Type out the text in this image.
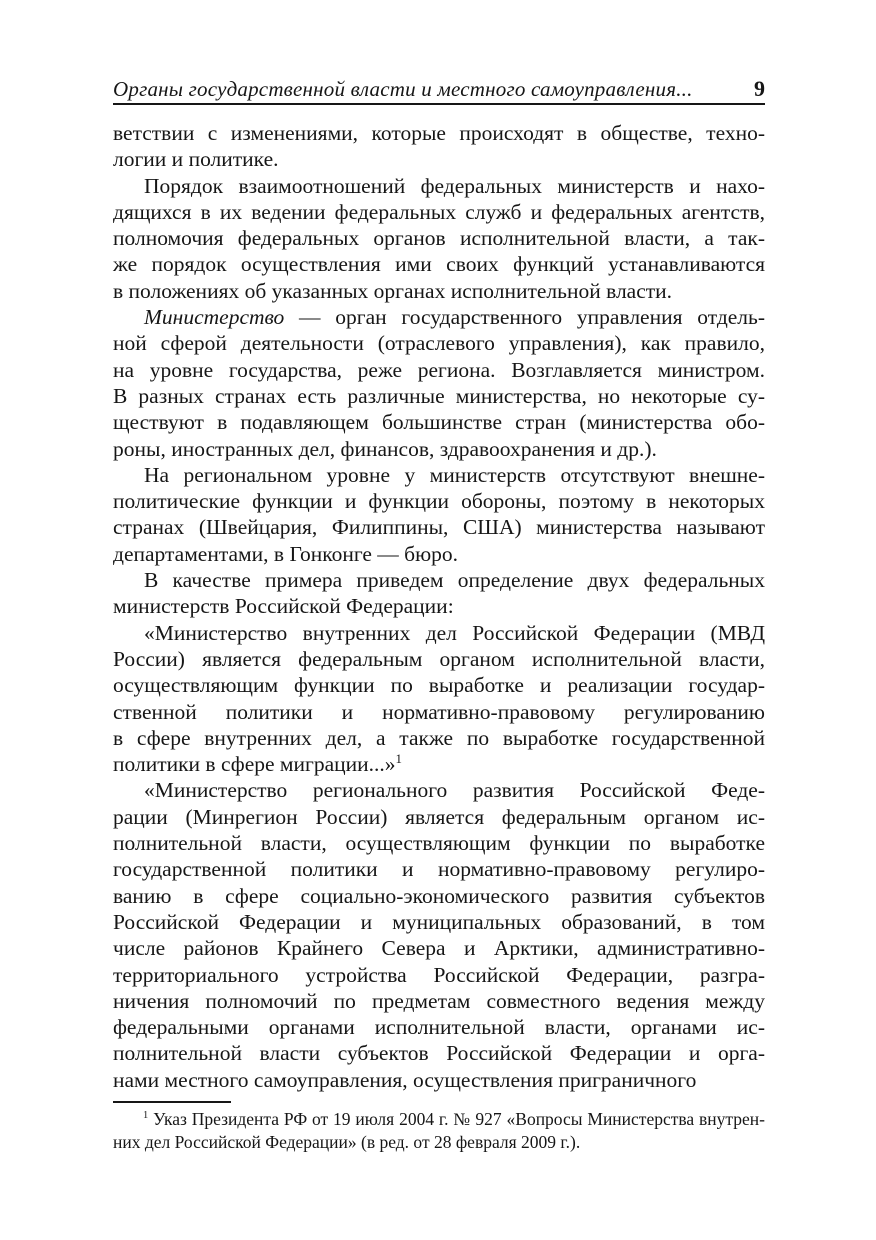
Органы государственной власти и местного самоуправления...	9
ветствии с изменениями, которые происходят в обществе, техно-
логии и политике.
Порядок взаимоотношений федеральных министерств и нахо-
дящихся в их ведении федеральных служб и федеральных агентств,
полномочия федеральных органов исполнительной власти, а так-
же порядок осуществления ими своих функций устанавливаются
в положениях об указанных органах исполнительной власти.
Министерство — орган государственного управления отдель-
ной сферой деятельности (отраслевого управления), как правило,
на уровне государства, реже региона. Возглавляется министром.
В разных странах есть различные министерства, но некоторые су-
ществуют в подавляющем большинстве стран (министерства обо-
роны, иностранных дел, финансов, здравоохранения и др.).
На региональном уровне у министерств отсутствуют внешне-
политические функции и функции обороны, поэтому в некоторых
странах (Швейцария, Филиппины, США) министерства называют
департаментами, в Гонконге — бюро.
В качестве примера приведем определение двух федеральных
министерств Российской Федерации:
«Министерство внутренних дел Российской Федерации (МВД
России) является федеральным органом исполнительной власти,
осуществляющим функции по выработке и реализации государ-
ственной политики и нормативно-правовому регулированию
в сфере внутренних дел, а также по выработке государственной
политики в сфере миграции...»$^1$
«Министерство регионального развития Российской Феде-
рации (Минрегион России) является федеральным органом ис-
полнительной власти, осуществляющим функции по выработке
государственной политики и нормативно-правовому регулиро-
ванию в сфере социально-экономического развития субъектов
Российской Федерации и муниципальных образований, в том
числе районов Крайнего Севера и Арктики, административно-
территориального устройства Российской Федерации, разгра-
ничения полномочий по предметам совместного ведения между
федеральными органами исполнительной власти, органами ис-
полнительной власти субъектов Российской Федерации и орга-
нами местного самоуправления, осуществления приграничного
$^1$ Указ Президента РФ от 19 июля 2004 г. № 927 «Вопросы Министерства внутрен-
них дел Российской Федерации» (в ред. от 28 февраля 2009 г.).
